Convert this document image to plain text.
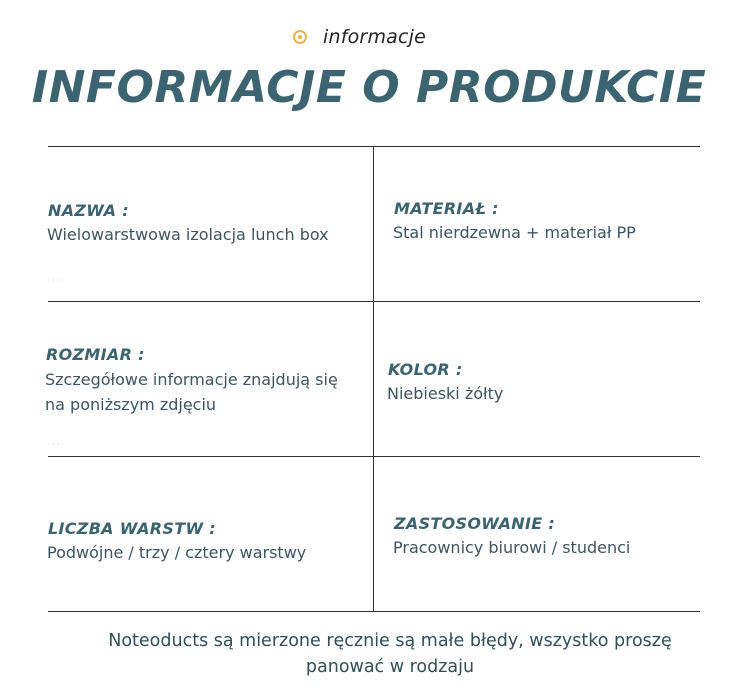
informacje
INFORMACJE O PRODUKCIE
NAZWA :
Wielowarstwowa izolacja lunch box
· ·
MATERIAŁ :
Stal nierdzewna + materiał PP
ROZMIAR :
Szczegółowe informacje znajdują się
na poniższym zdjęciu
· ·
KOLOR :
Niebieski żółty
LICZBA WARSTW :
Podwójne / trzy / cztery warstwy
ZASTOSOWANIE :
Pracownicy biurowi / studenci
Noteoducts są mierzone ręcznie są małe błędy, wszystko proszę
panować w rodzaju
